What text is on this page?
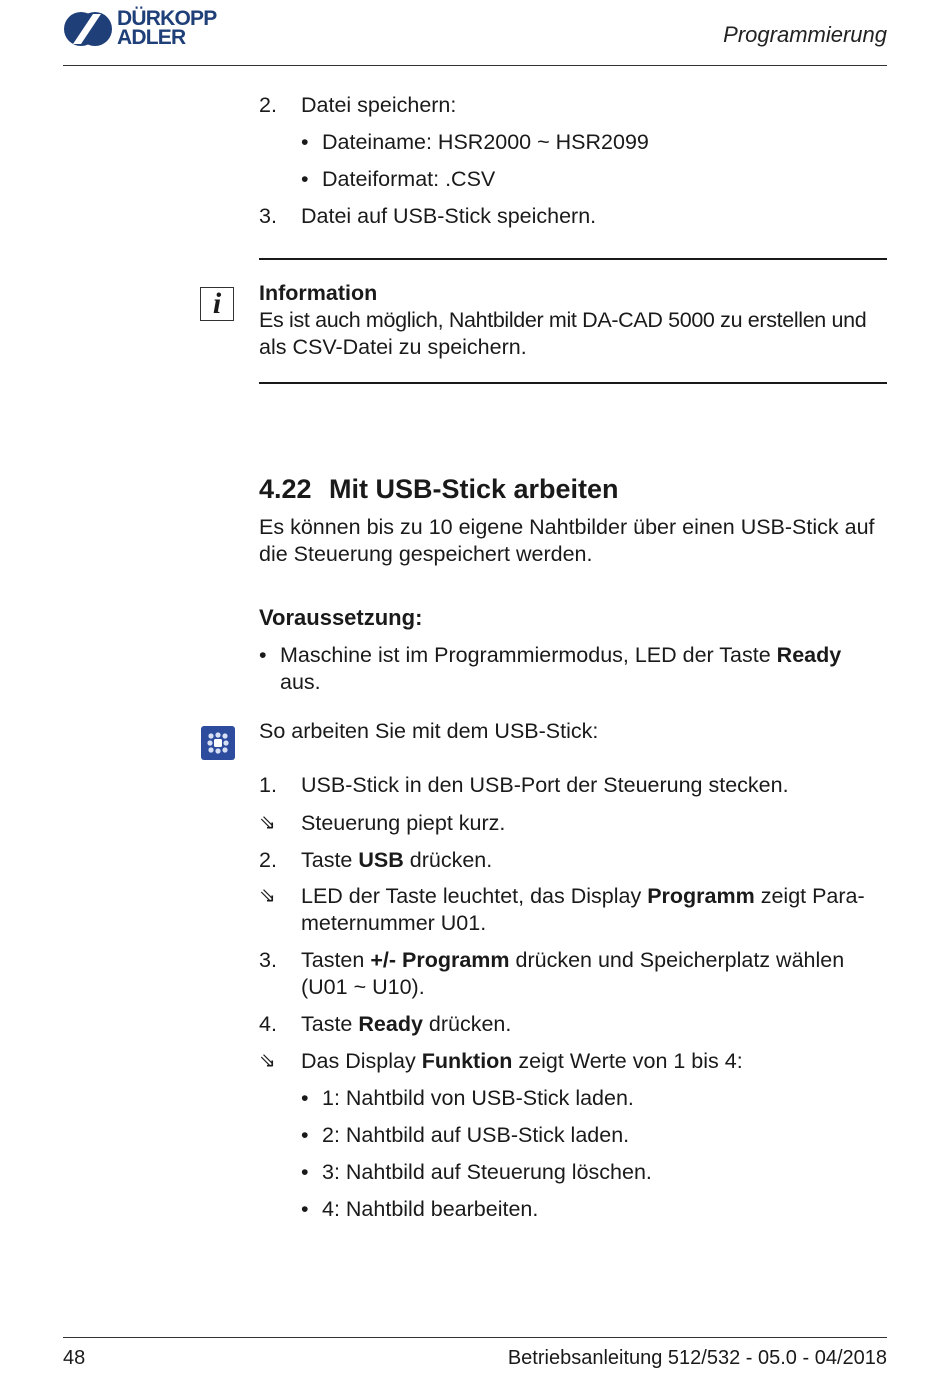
DÜRKOPP
ADLER	Programmierung
2. Datei speichern:
• Dateiname: HSR2000 ~ HSR2099
• Dateiformat: .CSV
3. Datei auf USB-Stick speichern.
i	Information
Es ist auch möglich, Nahtbilder mit DA-CAD 5000 zu erstellen und
als CSV-Datei zu speichern.
4.22 Mit USB-Stick arbeiten
Es können bis zu 10 eigene Nahtbilder über einen USB-Stick auf
die Steuerung gespeichert werden.
Voraussetzung:
• Maschine ist im Programmiermodus, LED der Taste Ready
aus.
So arbeiten Sie mit dem USB-Stick:
1. USB-Stick in den USB-Port der Steuerung stecken.
⇘ Steuerung piept kurz.
2. Taste USB drücken.
⇘ LED der Taste leuchtet, das Display Programm zeigt Para-
meternummer U01.
3. Tasten +/- Programm drücken und Speicherplatz wählen
(U01 ~ U10).
4. Taste Ready drücken.
⇘ Das Display Funktion zeigt Werte von 1 bis 4:
• 1: Nahtbild von USB-Stick laden.
• 2: Nahtbild auf USB-Stick laden.
• 3: Nahtbild auf Steuerung löschen.
• 4: Nahtbild bearbeiten.
48	Betriebsanleitung 512/532 - 05.0 - 04/2018
